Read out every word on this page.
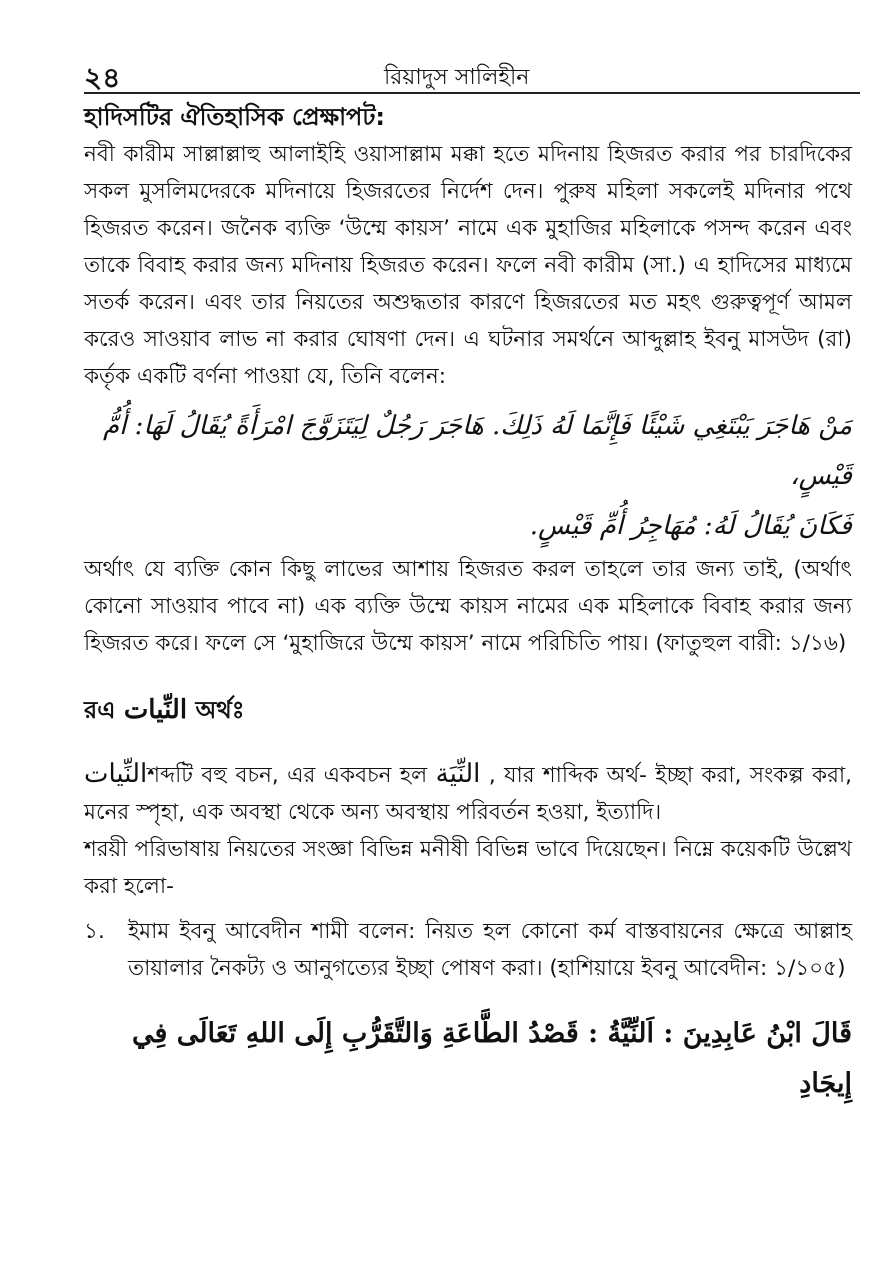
২৪	রিয়াদুস সালিহীন
হাদিসটির ঐতিহাসিক প্রেক্ষাপট:

নবী কারীম সাল্লাল্লাহু আলাইহি ওয়াসাল্লাম মক্কা হতে মদিনায় হিজরত করার পর চারদিকের সকল মুসলিমদেরকে মদিনায়ে হিজরতের নির্দেশ দেন। পুরুষ মহিলা সকলেই মদিনার পথে হিজরত করেন। জনৈক ব্যক্তি ‘উম্মে কায়স’ নামে এক মুহাজির মহিলাকে পসন্দ করেন এবং তাকে বিবাহ করার জন্য মদিনায় হিজরত করেন। ফলে নবী কারীম (সা.) এ হাদিসের মাধ্যমে সতর্ক করেন। এবং তার নিয়তের অশুদ্ধতার কারণে হিজরতের মত মহৎ গুরুত্বপূর্ণ আমল করেও সাওয়াব লাভ না করার ঘোষণা দেন। এ ঘটনার সমর্থনে আব্দুল্লাহ ইবনু মাসউদ (রা) কর্তৃক একটি বর্ণনা পাওয়া যে, তিনি বলেন:

مَنْ هَاجَرَ يَبْتَغِي شَيْئًا فَإِنَّمَا لَهُ ذَلِكَ. هَاجَرَ رَجُلٌ لِيَتَزَوَّجَ امْرَأَةً يُقَالُ لَهَا: أُمُّ قَيْسٍ،
فَكَانَ يُقَالُ لَهُ: مُهَاجِرُ أُمِّ قَيْسٍ.

অর্থাৎ যে ব্যক্তি কোন কিছু লাভের আশায় হিজরত করল তাহলে তার জন্য তাই, (অর্থাৎ কোনো সাওয়াব পাবে না) এক ব্যক্তি উম্মে কায়স নামের এক মহিলাকে বিবাহ করার জন্য হিজরত করে। ফলে সে ‘মুহাজিরে উম্মে কায়স’ নামে পরিচিতি পায়। (ফাতুহুল বারী: ১/১৬)

রএ النِّيات অর্থঃ

النِّياتশব্দটি বহু বচন, এর একবচন হল النِّيَة , যার শাব্দিক অর্থ- ইচ্ছা করা, সংকল্প করা, মনের স্পৃহা, এক অবস্থা থেকে অন্য অবস্থায় পরিবর্তন হওয়া, ইত্যাদি।

শরয়ী পরিভাষায় নিয়তের সংজ্ঞা বিভিন্ন মনীষী বিভিন্ন ভাবে দিয়েছেন। নিম্নে কয়েকটি উল্লেখ করা হলো-

১.	ইমাম ইবনু আবেদীন শামী বলেন: নিয়ত হল কোনো কর্ম বাস্তবায়নের ক্ষেত্রে আল্লাহ তায়ালার নৈকট্য ও আনুগত্যের ইচ্ছা পোষণ করা। (হাশিয়ায়ে ইবনু আবেদীন: ১/১০৫)
قَالَ ابْنُ عَابِدِينَ : اَلنِّيَّةُ : قَصْدُ الطَّاعَةِ وَالتَّقَرُّبِ إِلَى اللهِ تَعَالَى فِي إِيجَادِ
